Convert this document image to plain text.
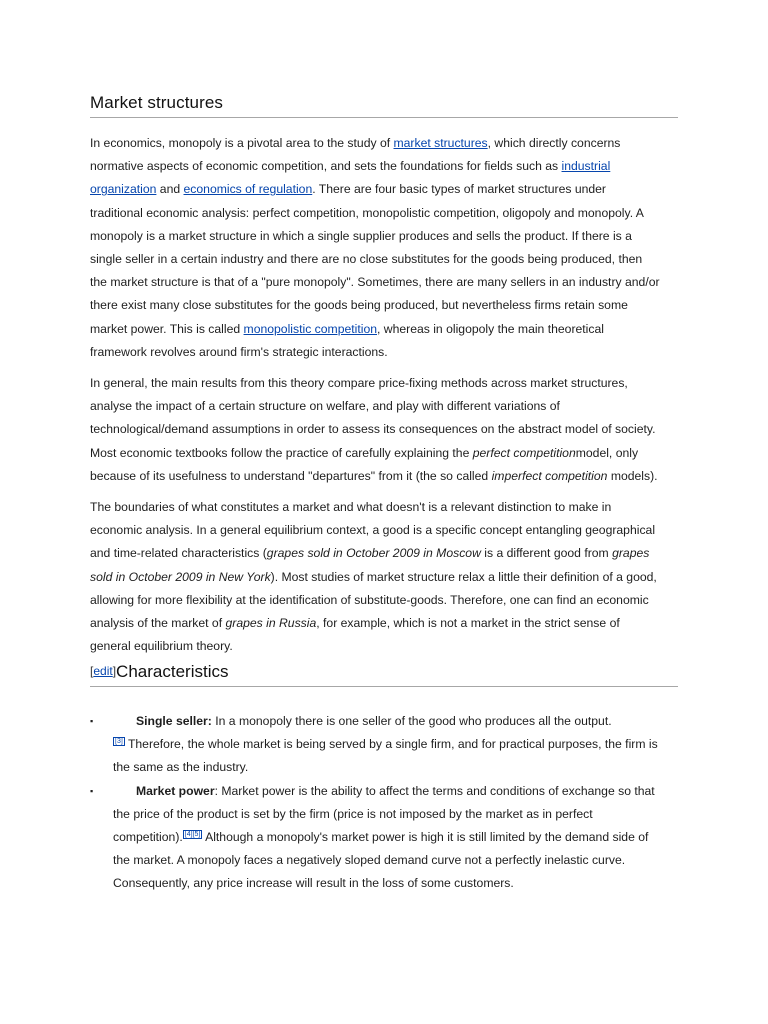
Market structures

In economics, monopoly is a pivotal area to the study of market structures, which directly concerns
normative aspects of economic competition, and sets the foundations for fields such as industrial
organization and economics of regulation. There are four basic types of market structures under
traditional economic analysis: perfect competition, monopolistic competition, oligopoly and monopoly. A
monopoly is a market structure in which a single supplier produces and sells the product. If there is a
single seller in a certain industry and there are no close substitutes for the goods being produced, then
the market structure is that of a "pure monopoly". Sometimes, there are many sellers in an industry and/or
there exist many close substitutes for the goods being produced, but nevertheless firms retain some
market power. This is called monopolistic competition, whereas in oligopoly the main theoretical
framework revolves around firm's strategic interactions.

In general, the main results from this theory compare price-fixing methods across market structures,
analyse the impact of a certain structure on welfare, and play with different variations of
technological/demand assumptions in order to assess its consequences on the abstract model of society.
Most economic textbooks follow the practice of carefully explaining the perfect competitionmodel, only
because of its usefulness to understand "departures" from it (the so called imperfect competition models).

The boundaries of what constitutes a market and what doesn't is a relevant distinction to make in
economic analysis. In a general equilibrium context, a good is a specific concept entangling geographical
and time-related characteristics (grapes sold in October 2009 in Moscow is a different good from grapes
sold in October 2009 in New York). Most studies of market structure relax a little their definition of a good,
allowing for more flexibility at the identification of substitute-goods. Therefore, one can find an economic
analysis of the market of grapes in Russia, for example, which is not a market in the strict sense of
general equilibrium theory.

[edit]Characteristics
▪	Single seller: In a monopoly there is one seller of the good who produces all the output.
[3] Therefore, the whole market is being served by a single firm, and for practical purposes, the firm is
the same as the industry.
▪	Market power: Market power is the ability to affect the terms and conditions of exchange so that
the price of the product is set by the firm (price is not imposed by the market as in perfect
competition). [4][5] Although a monopoly's market power is high it is still limited by the demand side of
the market. A monopoly faces a negatively sloped demand curve not a perfectly inelastic curve.
Consequently, any price increase will result in the loss of some customers.
